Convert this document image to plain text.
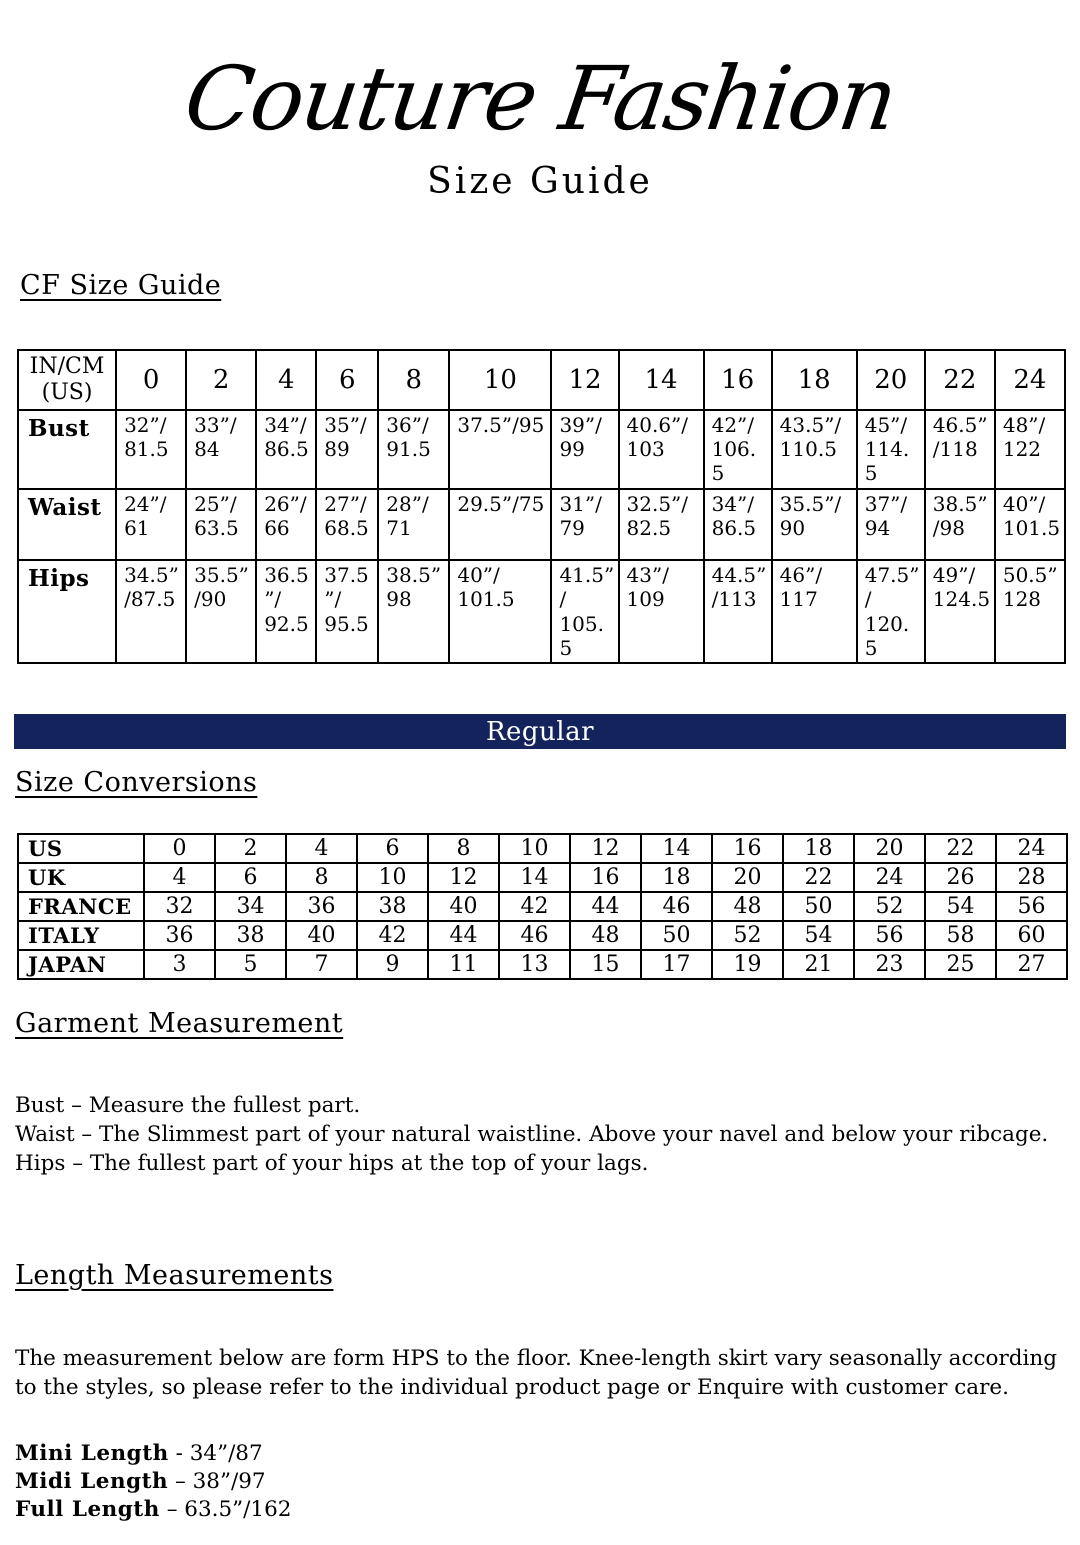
Couture Fashion
Size Guide
CF Size Guide
IN/CM (US)	0	2	4	6	8	10	12	14	16	18	20	22	24
Bust	32”/​81.5	33”/​84	34”/​86.5	35”/​89	36”/​91.5	37.5”/​95	39”/​99	40.6”/​103	42”/​106.5	43.5”/​110.5	45”/​114.5	46.5”/​118	48”/​122
Waist	24”/​61	25”/​63.5	26”/​66	27”/​68.5	28”/​71	29.5”/​75	31”/​79	32.5”/​82.5	34”/​86.5	35.5”/​90	37”/​94	38.5”/​98	40”/​101.5
Hips	34.5”/​87.5	35.5”/​90	36.5”/​92.5	37.5”/​95.5	38.5”98	40”/​101.5	41.5”/​105.5	43”/​109	44.5”/​113	46”/​117	47.5”/​120.5	49”/​124.5	50.5”128
Regular
Size Conversions
US	0	2	4	6	8	10	12	14	16	18	20	22	24
UK	4	6	8	10	12	14	16	18	20	22	24	26	28
FRANCE	32	34	36	38	40	42	44	46	48	50	52	54	56
ITALY	36	38	40	42	44	46	48	50	52	54	56	58	60
JAPAN	3	5	7	9	11	13	15	17	19	21	23	25	27
Garment Measurement
Bust – Measure the fullest part.
Waist – The Slimmest part of your natural waistline. Above your navel and below your ribcage.
Hips – The fullest part of your hips at the top of your lags.
Length Measurements
The measurement below are form HPS to the floor. Knee-length skirt vary seasonally according to the styles, so please refer to the individual product page or Enquire with customer care.
Mini Length - 34”/87
Midi Length – 38”/97
Full Length – 63.5”/162
